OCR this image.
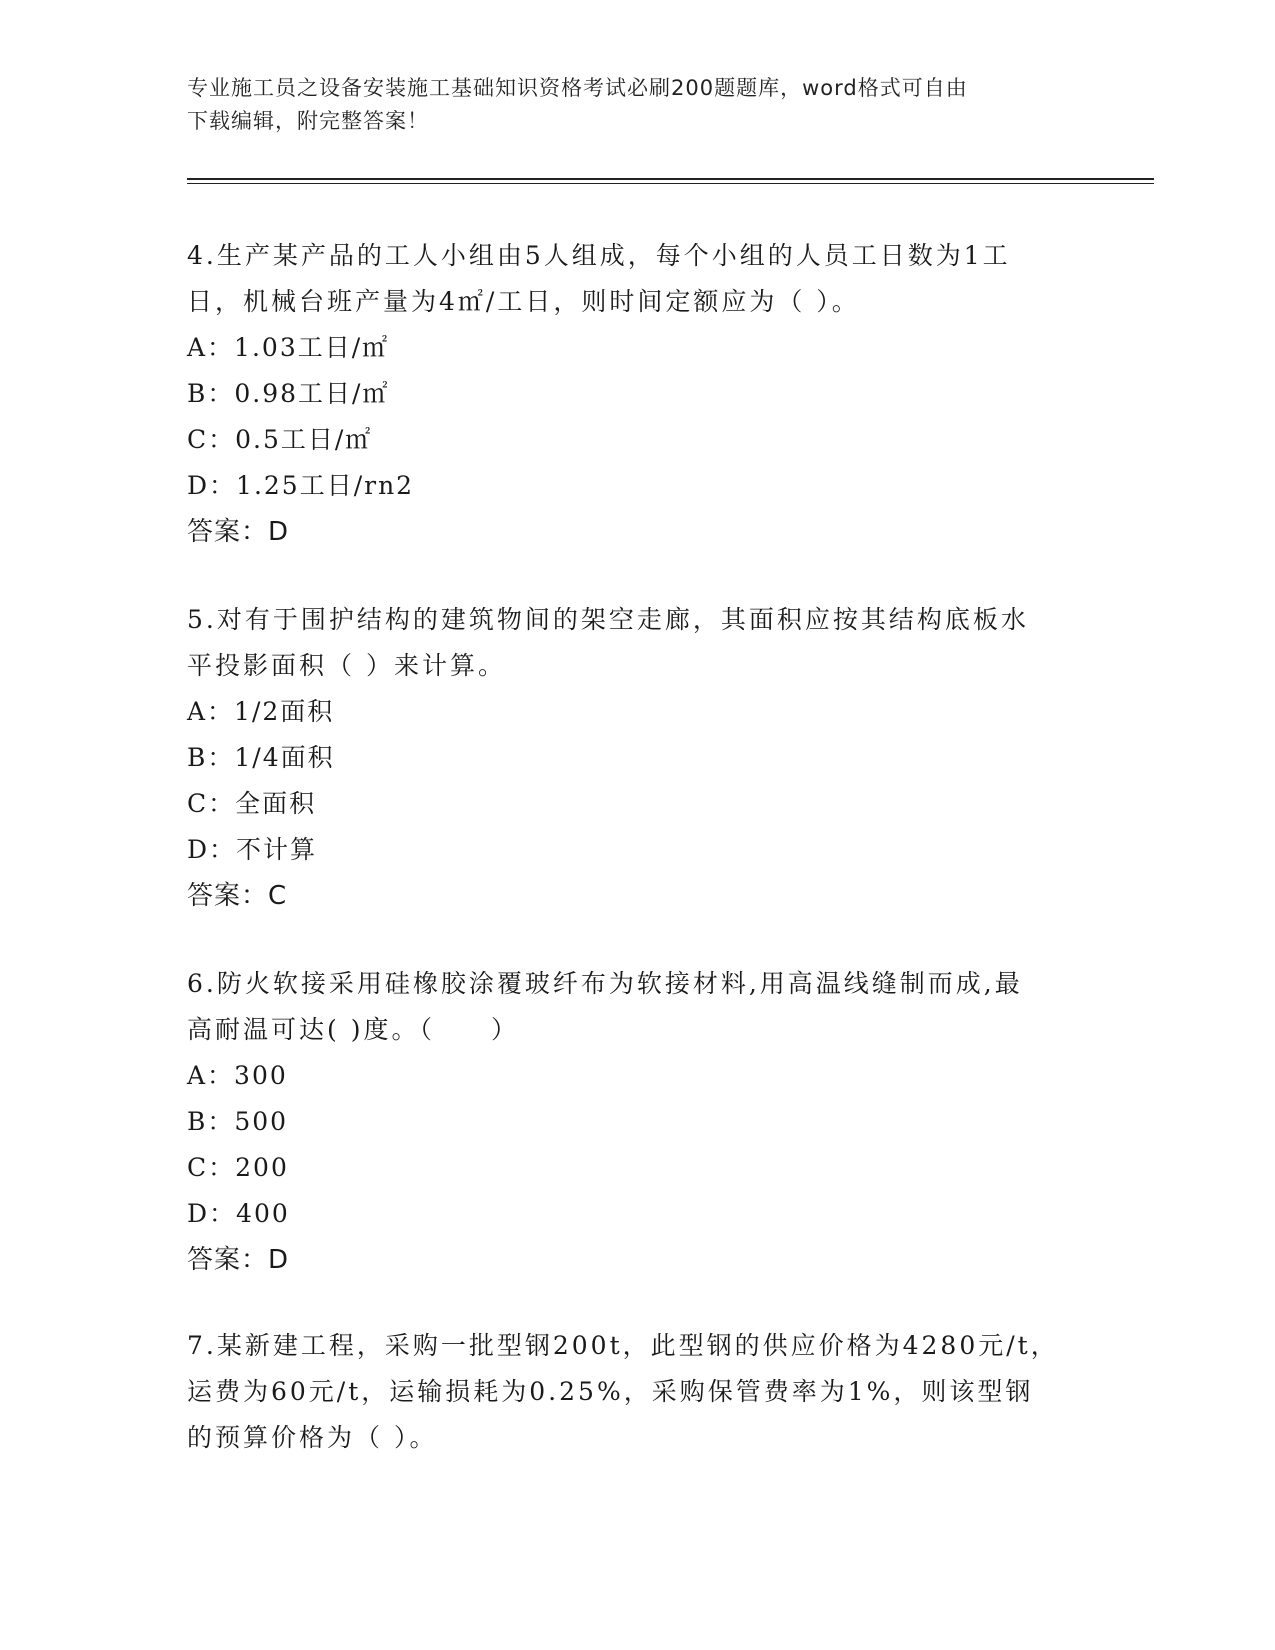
专业施工员之设备安装施工基础知识资格考试必刷200题题库，word格式可自由
下载编辑，附完整答案！

4.生产某产品的工人小组由5人组成，每个小组的人员工日数为1工

日，机械台班产量为4㎡/工日，则时间定额应为（ ）。

A：1.03工日/㎡

B：0.98工日/㎡

C：0.5工日/㎡

D：1.25工日/rn2

答案：D

5.对有于围护结构的建筑物间的架空走廊，其面积应按其结构底板水

平投影面积（ ）来计算。

A：1/2面积

B：1/4面积

C：全面积

D：不计算

答案：C

6.防火软接采用硅橡胶涂覆玻纤布为软接材料,用高温线缝制而成,最

高耐温可达( )度。（　　）

A：300

B：500

C：200

D：400

答案：D

7.某新建工程，采购一批型钢200t，此型钢的供应价格为4280元/t，

运费为60元/t，运输损耗为0.25%，采购保管费率为1%，则该型钢

的预算价格为（ ）。
